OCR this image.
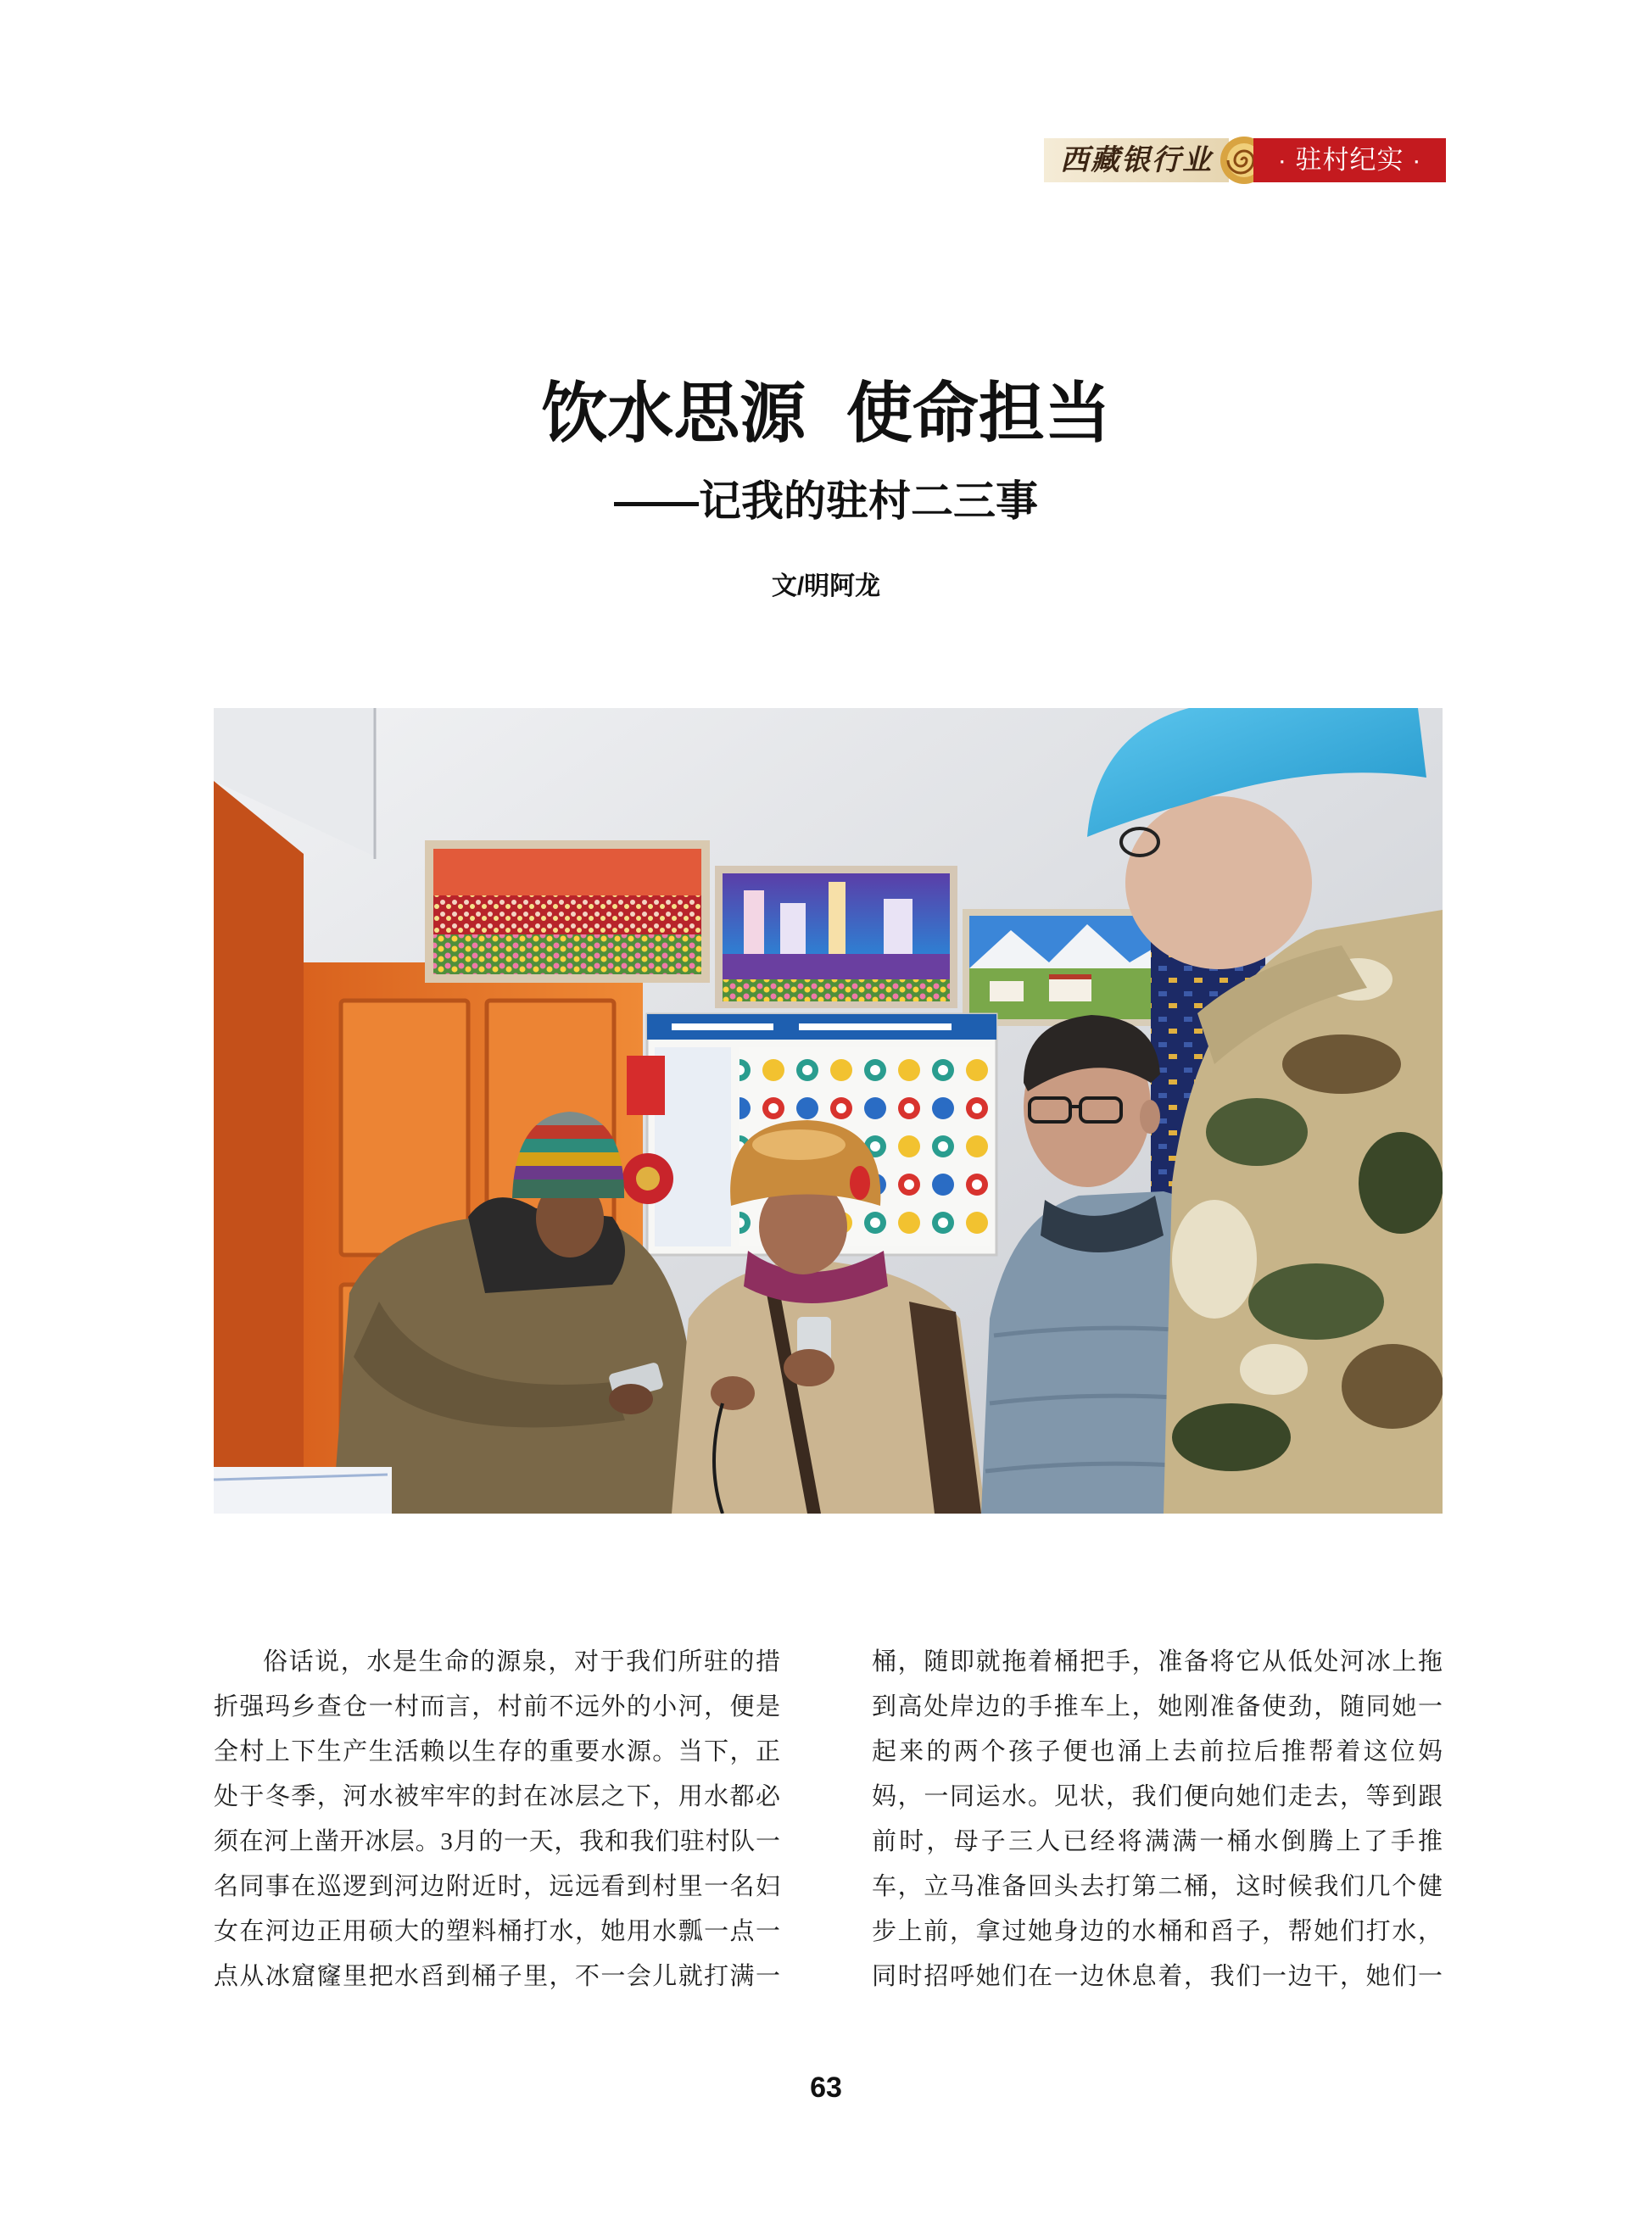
西藏银行业	· 驻村纪实 ·
饮水思源 使命担当
——记我的驻村二三事
文/明阿龙
俗话说，水是生命的源泉，对于我们所驻的措
折强玛乡查仓一村而言，村前不远外的小河，便是
全村上下生产生活赖以生存的重要水源。当下，正
处于冬季，河水被牢牢的封在冰层之下，用水都必
须在河上凿开冰层。3月的一天，我和我们驻村队一
名同事在巡逻到河边附近时，远远看到村里一名妇
女在河边正用硕大的塑料桶打水，她用水瓢一点一
点从冰窟窿里把水舀到桶子里，不一会儿就打满一
桶，随即就拖着桶把手，准备将它从低处河冰上拖
到高处岸边的手推车上，她刚准备使劲，随同她一
起来的两个孩子便也涌上去前拉后推帮着这位妈
妈，一同运水。见状，我们便向她们走去，等到跟
前时，母子三人已经将满满一桶水倒腾上了手推
车，立马准备回头去打第二桶，这时候我们几个健
步上前，拿过她身边的水桶和舀子，帮她们打水，
同时招呼她们在一边休息着，我们一边干，她们一
63
